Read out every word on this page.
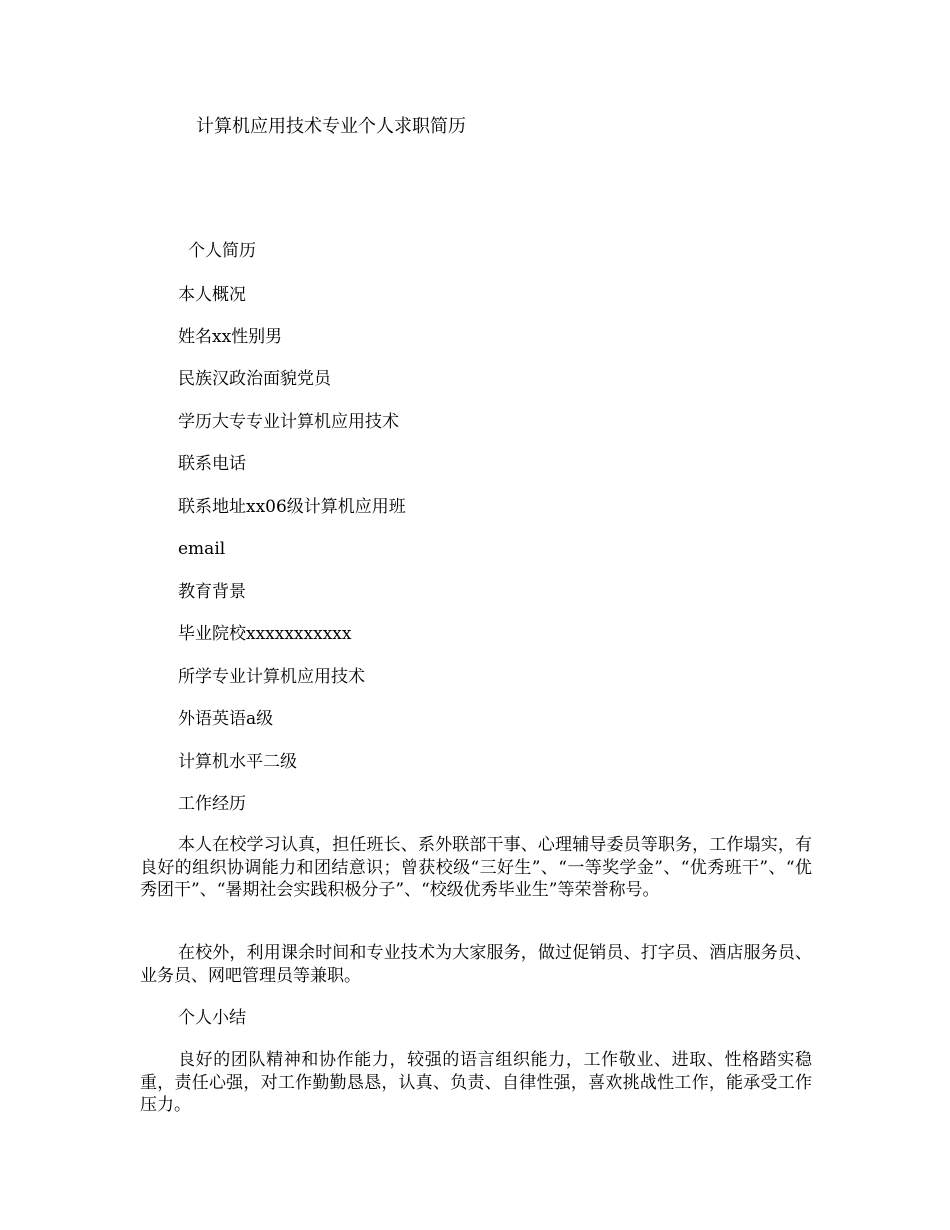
计算机应用技术专业个人求职简历
个人简历
本人概况
姓名xx性别男
民族汉政治面貌党员
学历大专专业计算机应用技术
联系电话
联系地址xx06级计算机应用班
email
教育背景
毕业院校xxxxxxxxxxx
所学专业计算机应用技术
外语英语a级
计算机水平二级
工作经历
本人在校学习认真，担任班长、系外联部干事、心理辅导委员等职务，工作塌实，有良好的组织协调能力和团结意识；曾获校级“三好生”、“一等奖学金”、“优秀班干”、“优秀团干”、“暑期社会实践积极分子”、“校级优秀毕业生”等荣誉称号。
在校外，利用课余时间和专业技术为大家服务，做过促销员、打字员、酒店服务员、业务员、网吧管理员等兼职。
个人小结
良好的团队精神和协作能力，较强的语言组织能力，工作敬业、进取、性格踏实稳重，责任心强，对工作勤勤恳恳，认真、负责、自律性强，喜欢挑战性工作，能承受工作压力。
